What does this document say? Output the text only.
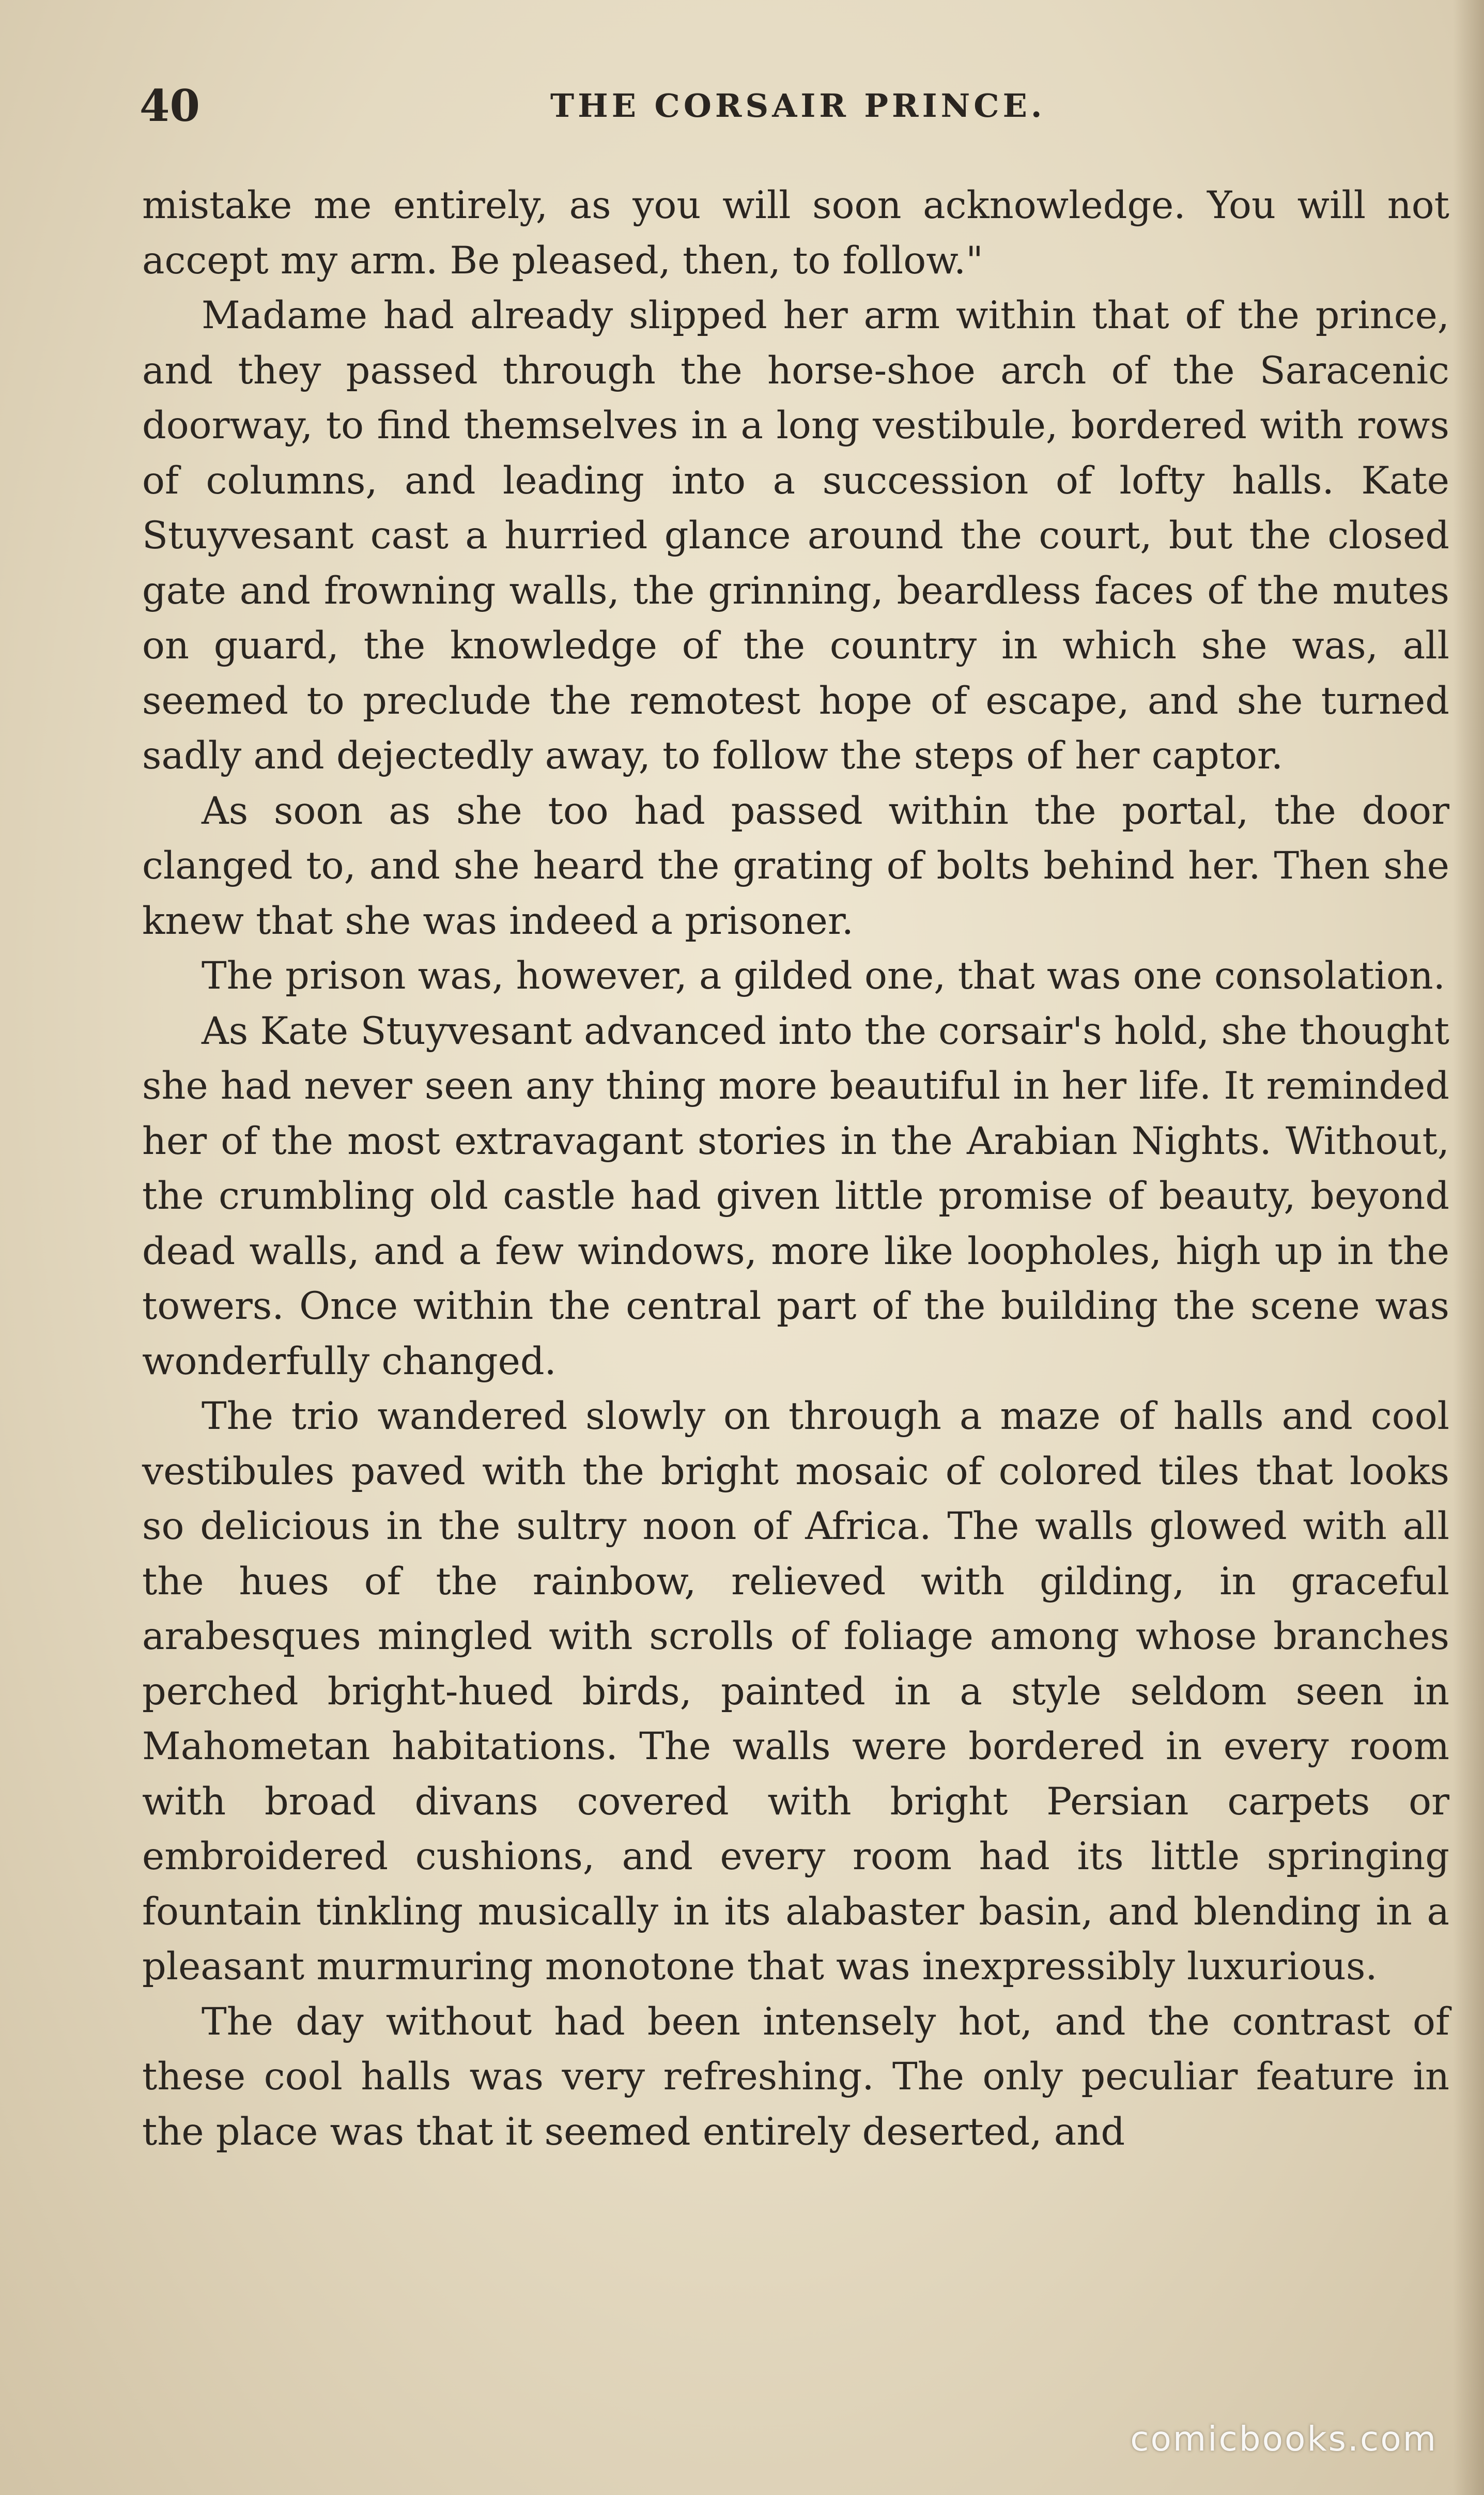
40	THE CORSAIR PRINCE.

mistake me entirely, as you will soon acknowledge. You will not accept my arm. Be pleased, then, to follow."

Madame had already slipped her arm within that of the prince, and they passed through the horse-shoe arch of the Saracenic doorway, to find themselves in a long vestibule, bordered with rows of columns, and leading into a succession of lofty halls. Kate Stuyvesant cast a hurried glance around the court, but the closed gate and frowning walls, the grinning, beardless faces of the mutes on guard, the knowledge of the country in which she was, all seemed to preclude the remotest hope of escape, and she turned sadly and dejectedly away, to follow the steps of her captor.

As soon as she too had passed within the portal, the door clanged to, and she heard the grating of bolts behind her. Then she knew that she was indeed a prisoner.

The prison was, however, a gilded one, that was one consolation.

As Kate Stuyvesant advanced into the corsair's hold, she thought she had never seen any thing more beautiful in her life. It reminded her of the most extravagant stories in the Arabian Nights. Without, the crumbling old castle had given little promise of beauty, beyond dead walls, and a few windows, more like loopholes, high up in the towers. Once within the central part of the building the scene was wonderfully changed.

The trio wandered slowly on through a maze of halls and cool vestibules paved with the bright mosaic of colored tiles that looks so delicious in the sultry noon of Africa. The walls glowed with all the hues of the rainbow, relieved with gilding, in graceful arabesques mingled with scrolls of foliage among whose branches perched bright-hued birds, painted in a style seldom seen in Mahometan habitations. The walls were bordered in every room with broad divans covered with bright Persian carpets or embroidered cushions, and every room had its little springing fountain tinkling musically in its alabaster basin, and blending in a pleasant murmuring monotone that was inexpressibly luxurious.

The day without had been intensely hot, and the contrast of these cool halls was very refreshing. The only peculiar feature in the place was that it seemed entirely deserted, and

comicbooks.com
